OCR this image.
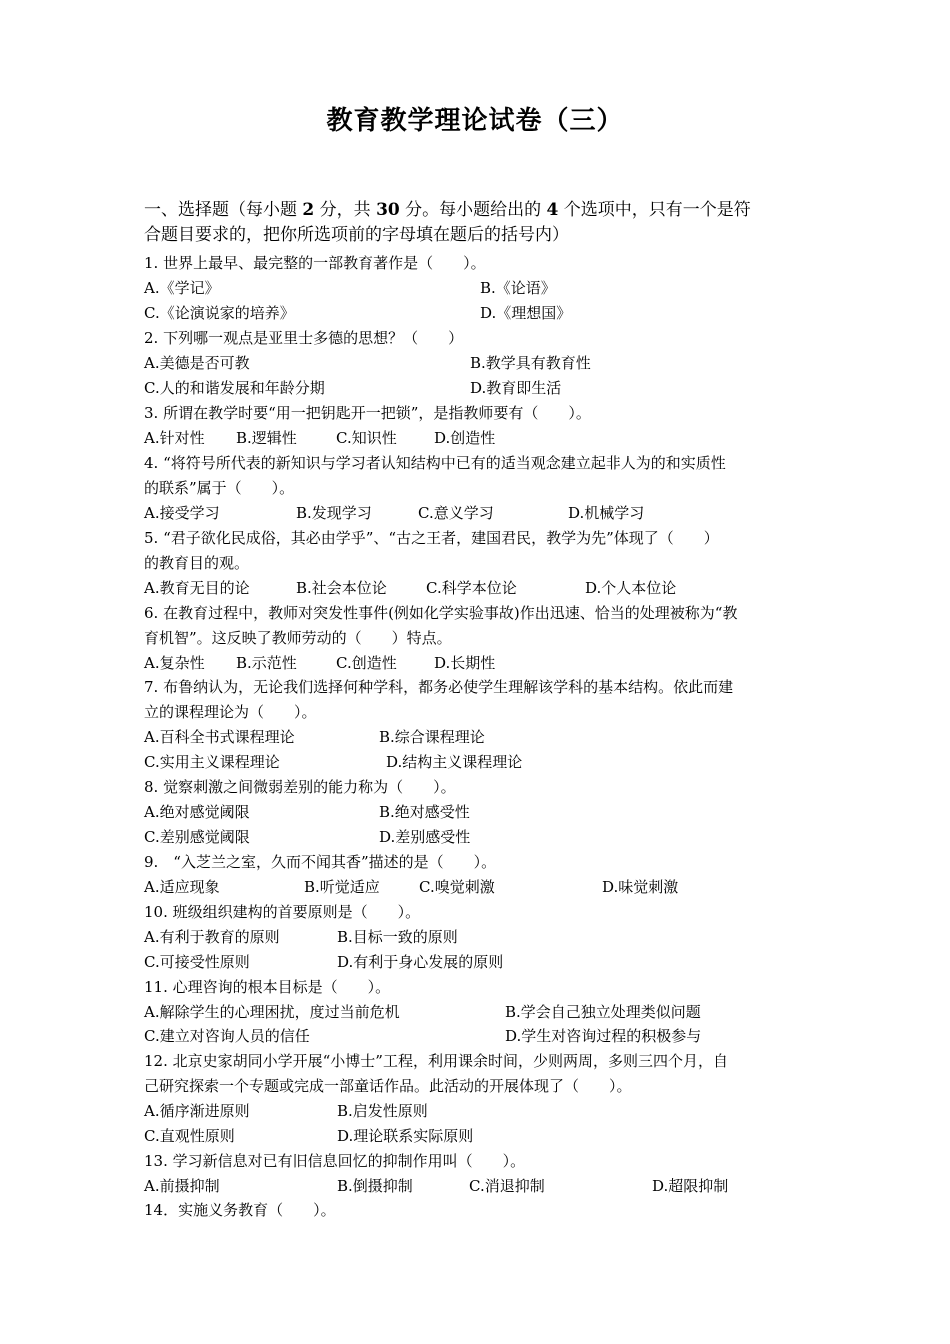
教育教学理论试卷（三）
一、选择题（每小题 2 分，共 30 分。每小题给出的 4 个选项中，只有一个是符
合题目要求的，把你所选项前的字母填在题后的括号内）
1. 世界上最早、最完整的一部教育著作是（　　）。
A.《学记》	B.《论语》
C.《论演说家的培养》	D.《理想国》
2. 下列哪一观点是亚里士多德的思想？（　　）
A.美德是否可教	B.教学具有教育性
C.人的和谐发展和年龄分期	D.教育即生活
3. 所谓在教学时要“用一把钥匙开一把锁”，是指教师要有（　　）。
A.针对性 B.逻辑性	C.知识性 D.创造性
4. “将符号所代表的新知识与学习者认知结构中已有的适当观念建立起非人为的和实质性
的联系”属于（　　）。
A.接受学习	B.发现学习	C.意义学习	D.机械学习
5. “君子欲化民成俗，其必由学乎”、“古之王者，建国君民，教学为先”体现了（　　）
的教育目的观。
A.教育无目的论	B.社会本位论	C.科学本位论	D.个人本位论
6. 在教育过程中，教师对突发性事件(例如化学实验事故)作出迅速、恰当的处理被称为“教
育机智”。这反映了教师劳动的（　　）特点。
A.复杂性 B.示范性	C.创造性 D.长期性
7. 布鲁纳认为，无论我们选择何种学科，都务必使学生理解该学科的基本结构。依此而建
立的课程理论为（　　）。
A.百科全书式课程理论	B.综合课程理论
C.实用主义课程理论	D.结构主义课程理论
8. 觉察刺激之间微弱差别的能力称为（　　）。
A.绝对感觉阈限	B.绝对感受性
C.差别感觉阈限	D.差别感受性
9.　“入芝兰之室，久而不闻其香”描述的是（　　）。
A.适应现象	B.听觉适应	C.嗅觉刺激	D.味觉刺激
10. 班级组织建构的首要原则是（　　）。
A.有利于教育的原则	B.目标一致的原则
C.可接受性原则	D.有利于身心发展的原则
11. 心理咨询的根本目标是（　　）。
A.解除学生的心理困扰，度过当前危机	B.学会自己独立处理类似问题
C.建立对咨询人员的信任	D.学生对咨询过程的积极参与
12. 北京史家胡同小学开展“小博士”工程，利用课余时间，少则两周，多则三四个月，自
己研究探索一个专题或完成一部童话作品。此活动的开展体现了（　　）。
A.循序渐进原则	B.启发性原则
C.直观性原则	D.理论联系实际原则
13. 学习新信息对已有旧信息回忆的抑制作用叫（　　）。
A.前摄抑制	B.倒摄抑制	C.消退抑制	D.超限抑制
14．实施义务教育（　　）。
